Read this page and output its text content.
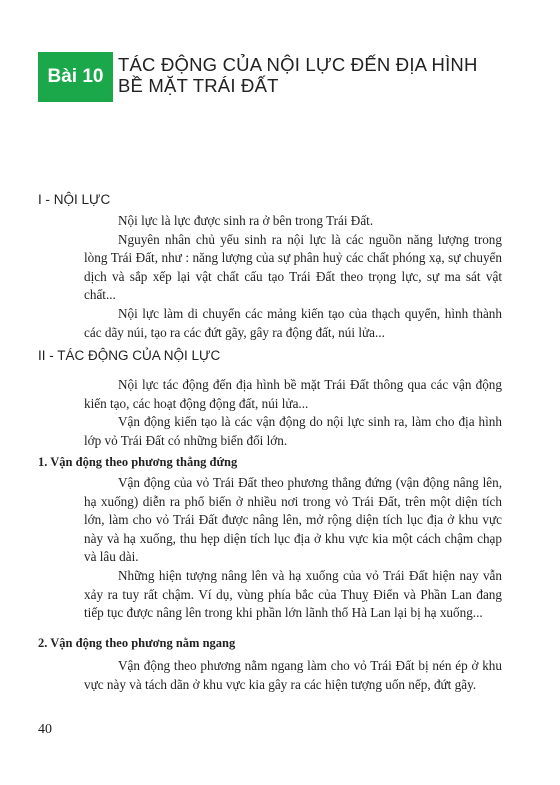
Bài 10
TÁC ĐỘNG CỦA NỘI LỰC ĐẾN ĐỊA HÌNH
BỀ MẶT TRÁI ĐẤT
I - NỘI LỰC

Nội lực là lực được sinh ra ở bên trong Trái Đất.

Nguyên nhân chủ yếu sinh ra nội lực là các nguồn năng lượng trong lòng Trái Đất, như : năng lượng của sự phân huỷ các chất phóng xạ, sự chuyển dịch và sắp xếp lại vật chất cấu tạo Trái Đất theo trọng lực, sự ma sát vật chất...

Nội lực làm di chuyển các mảng kiến tạo của thạch quyển, hình thành các dãy núi, tạo ra các đứt gãy, gây ra động đất, núi lửa...

II - TÁC ĐỘNG CỦA NỘI LỰC

Nội lực tác động đến địa hình bề mặt Trái Đất thông qua các vận động kiến tạo, các hoạt động động đất, núi lửa...

Vận động kiến tạo là các vận động do nội lực sinh ra, làm cho địa hình lớp vỏ Trái Đất có những biến đổi lớn.

1. Vận động theo phương thẳng đứng

Vận động của vỏ Trái Đất theo phương thẳng đứng (vận động nâng lên, hạ xuống) diễn ra phổ biến ở nhiều nơi trong vỏ Trái Đất, trên một diện tích lớn, làm cho vỏ Trái Đất được nâng lên, mở rộng diện tích lục địa ở khu vực này và hạ xuống, thu hẹp diện tích lục địa ở khu vực kia một cách chậm chạp và lâu dài.

Những hiện tượng nâng lên và hạ xuống của vỏ Trái Đất hiện nay vẫn xảy ra tuy rất chậm. Ví dụ, vùng phía bắc của Thuỵ Điển và Phần Lan đang tiếp tục được nâng lên trong khi phần lớn lãnh thổ Hà Lan lại bị hạ xuống...

2. Vận động theo phương nằm ngang

Vận động theo phương nằm ngang làm cho vỏ Trái Đất bị nén ép ở khu vực này và tách dãn ở khu vực kia gây ra các hiện tượng uốn nếp, đứt gãy.

40
